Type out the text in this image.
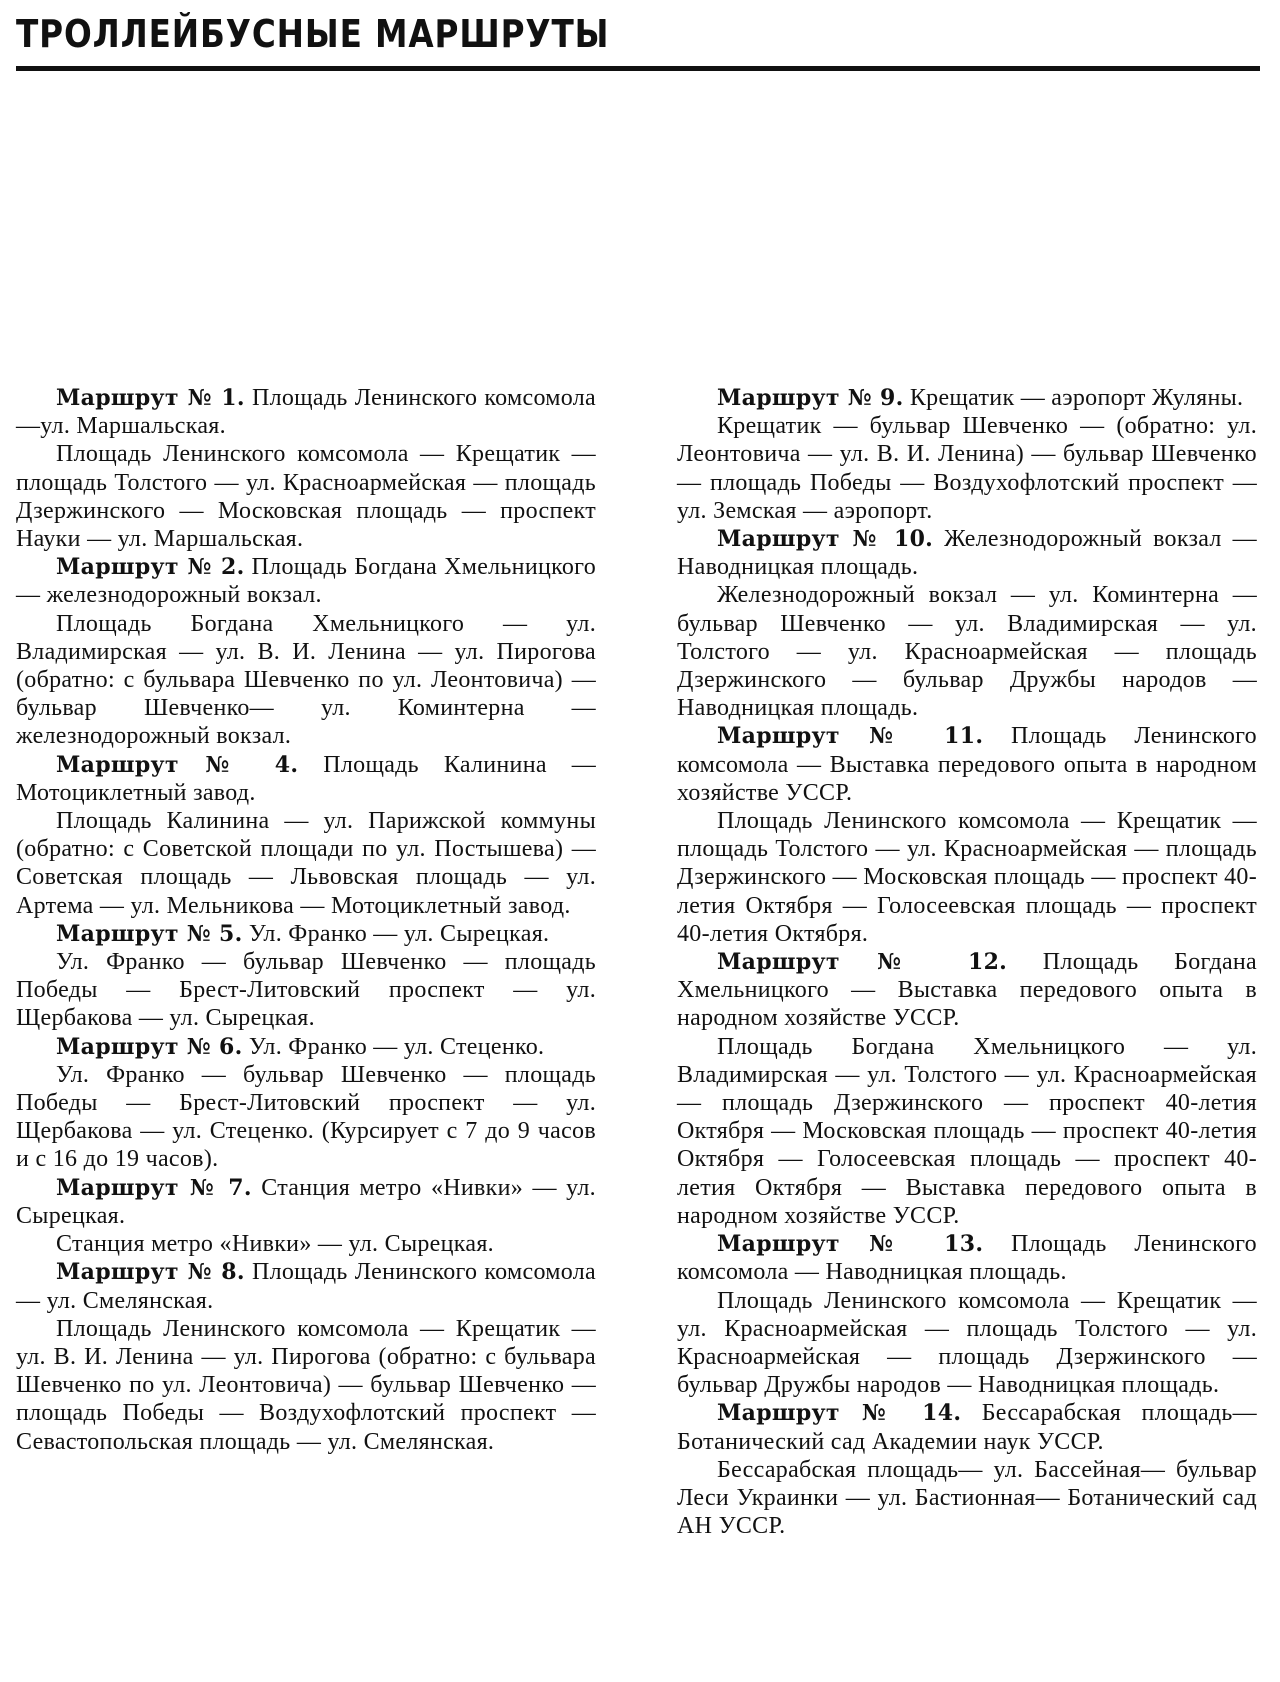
ТРОЛЛЕЙБУСНЫЕ МАРШРУТЫ

Маршрут № 1. Площадь Ленинского комсомола —ул. Маршальская.

Площадь Ленинского комсомола — Крещатик — площадь Толстого — ул. Красноармейская — площадь Дзержинского — Московская площадь — проспект Науки — ул. Маршальская.

Маршрут № 2. Площадь Богдана Хмельницкого — железнодорожный вокзал.

Площадь Богдана Хмельницкого — ул. Владимирская — ул. В. И. Ленина — ул. Пирогова (обратно: с бульвара Шевченко по ул. Леонтовича) — бульвар Шевченко— ул. Коминтерна — железнодорожный вокзал.

Маршрут № 4. Площадь Калинина — Мотоциклетный завод.

Площадь Калинина — ул. Парижской коммуны (обратно: с Советской площади по ул. Постышева) — Советская площадь — Львовская площадь — ул. Артема — ул. Мельникова — Мотоциклетный завод.

Маршрут № 5. Ул. Франко — ул. Сырецкая.

Ул. Франко — бульвар Шевченко — площадь Победы — Брест-Литовский проспект — ул. Щербакова — ул. Сырецкая.

Маршрут № 6. Ул. Франко — ул. Стеценко.

Ул. Франко — бульвар Шевченко — площадь Победы — Брест-Литовский проспект — ул. Щербакова — ул. Стеценко. (Курсирует с 7 до 9 часов и с 16 до 19 часов).

Маршрут № 7. Станция метро «Нивки» — ул. Сырецкая.

Станция метро «Нивки» — ул. Сырецкая.

Маршрут № 8. Площадь Ленинского комсомола — ул. Смелянская.

Площадь Ленинского комсомола — Крещатик — ул. В. И. Ленина — ул. Пирогова (обратно: с бульвара Шевченко по ул. Леонтовича) — бульвар Шевченко — площадь Победы — Воздухофлотский проспект — Севастопольская площадь — ул. Смелянская.

Маршрут № 9. Крещатик — аэропорт Жуляны.

Крещатик — бульвар Шевченко — (обратно: ул. Леонтовича — ул. В. И. Ленина) — бульвар Шевченко — площадь Победы — Воздухофлотский проспект — ул. Земская — аэропорт.

Маршрут № 10. Железнодорожный вокзал — Наводницкая площадь.

Железнодорожный вокзал — ул. Коминтерна — бульвар Шевченко — ул. Владимирская — ул. Толстого — ул. Красноармейская — площадь Дзержинского — бульвар Дружбы народов — Наводницкая площадь.

Маршрут № 11. Площадь Ленинского комсомола — Выставка передового опыта в народном хозяйстве УССР.

Площадь Ленинского комсомола — Крещатик — площадь Толстого — ул. Красноармейская — площадь Дзержинского — Московская площадь — проспект 40-летия Октября — Голосеевская площадь — проспект 40-летия Октября.

Маршрут № 12. Площадь Богдана Хмельницкого — Выставка передового опыта в народном хозяйстве УССР.

Площадь Богдана Хмельницкого — ул. Владимирская — ул. Толстого — ул. Красноармейская — площадь Дзержинского — проспект 40-летия Октября — Московская площадь — проспект 40-летия Октября — Голосеевская площадь — проспект 40-летия Октября — Выставка передового опыта в народном хозяйстве УССР.

Маршрут № 13. Площадь Ленинского комсомола — Наводницкая площадь.

Площадь Ленинского комсомола — Крещатик — ул. Красноармейская — площадь Толстого — ул. Красноармейская — площадь Дзержинского — бульвар Дружбы народов — Наводницкая площадь.

Маршрут № 14. Бессарабская площадь— Ботанический сад Академии наук УССР.

Бессарабская площадь— ул. Бассейная— бульвар Леси Украинки — ул. Бастионная— Ботанический сад АН УССР.
